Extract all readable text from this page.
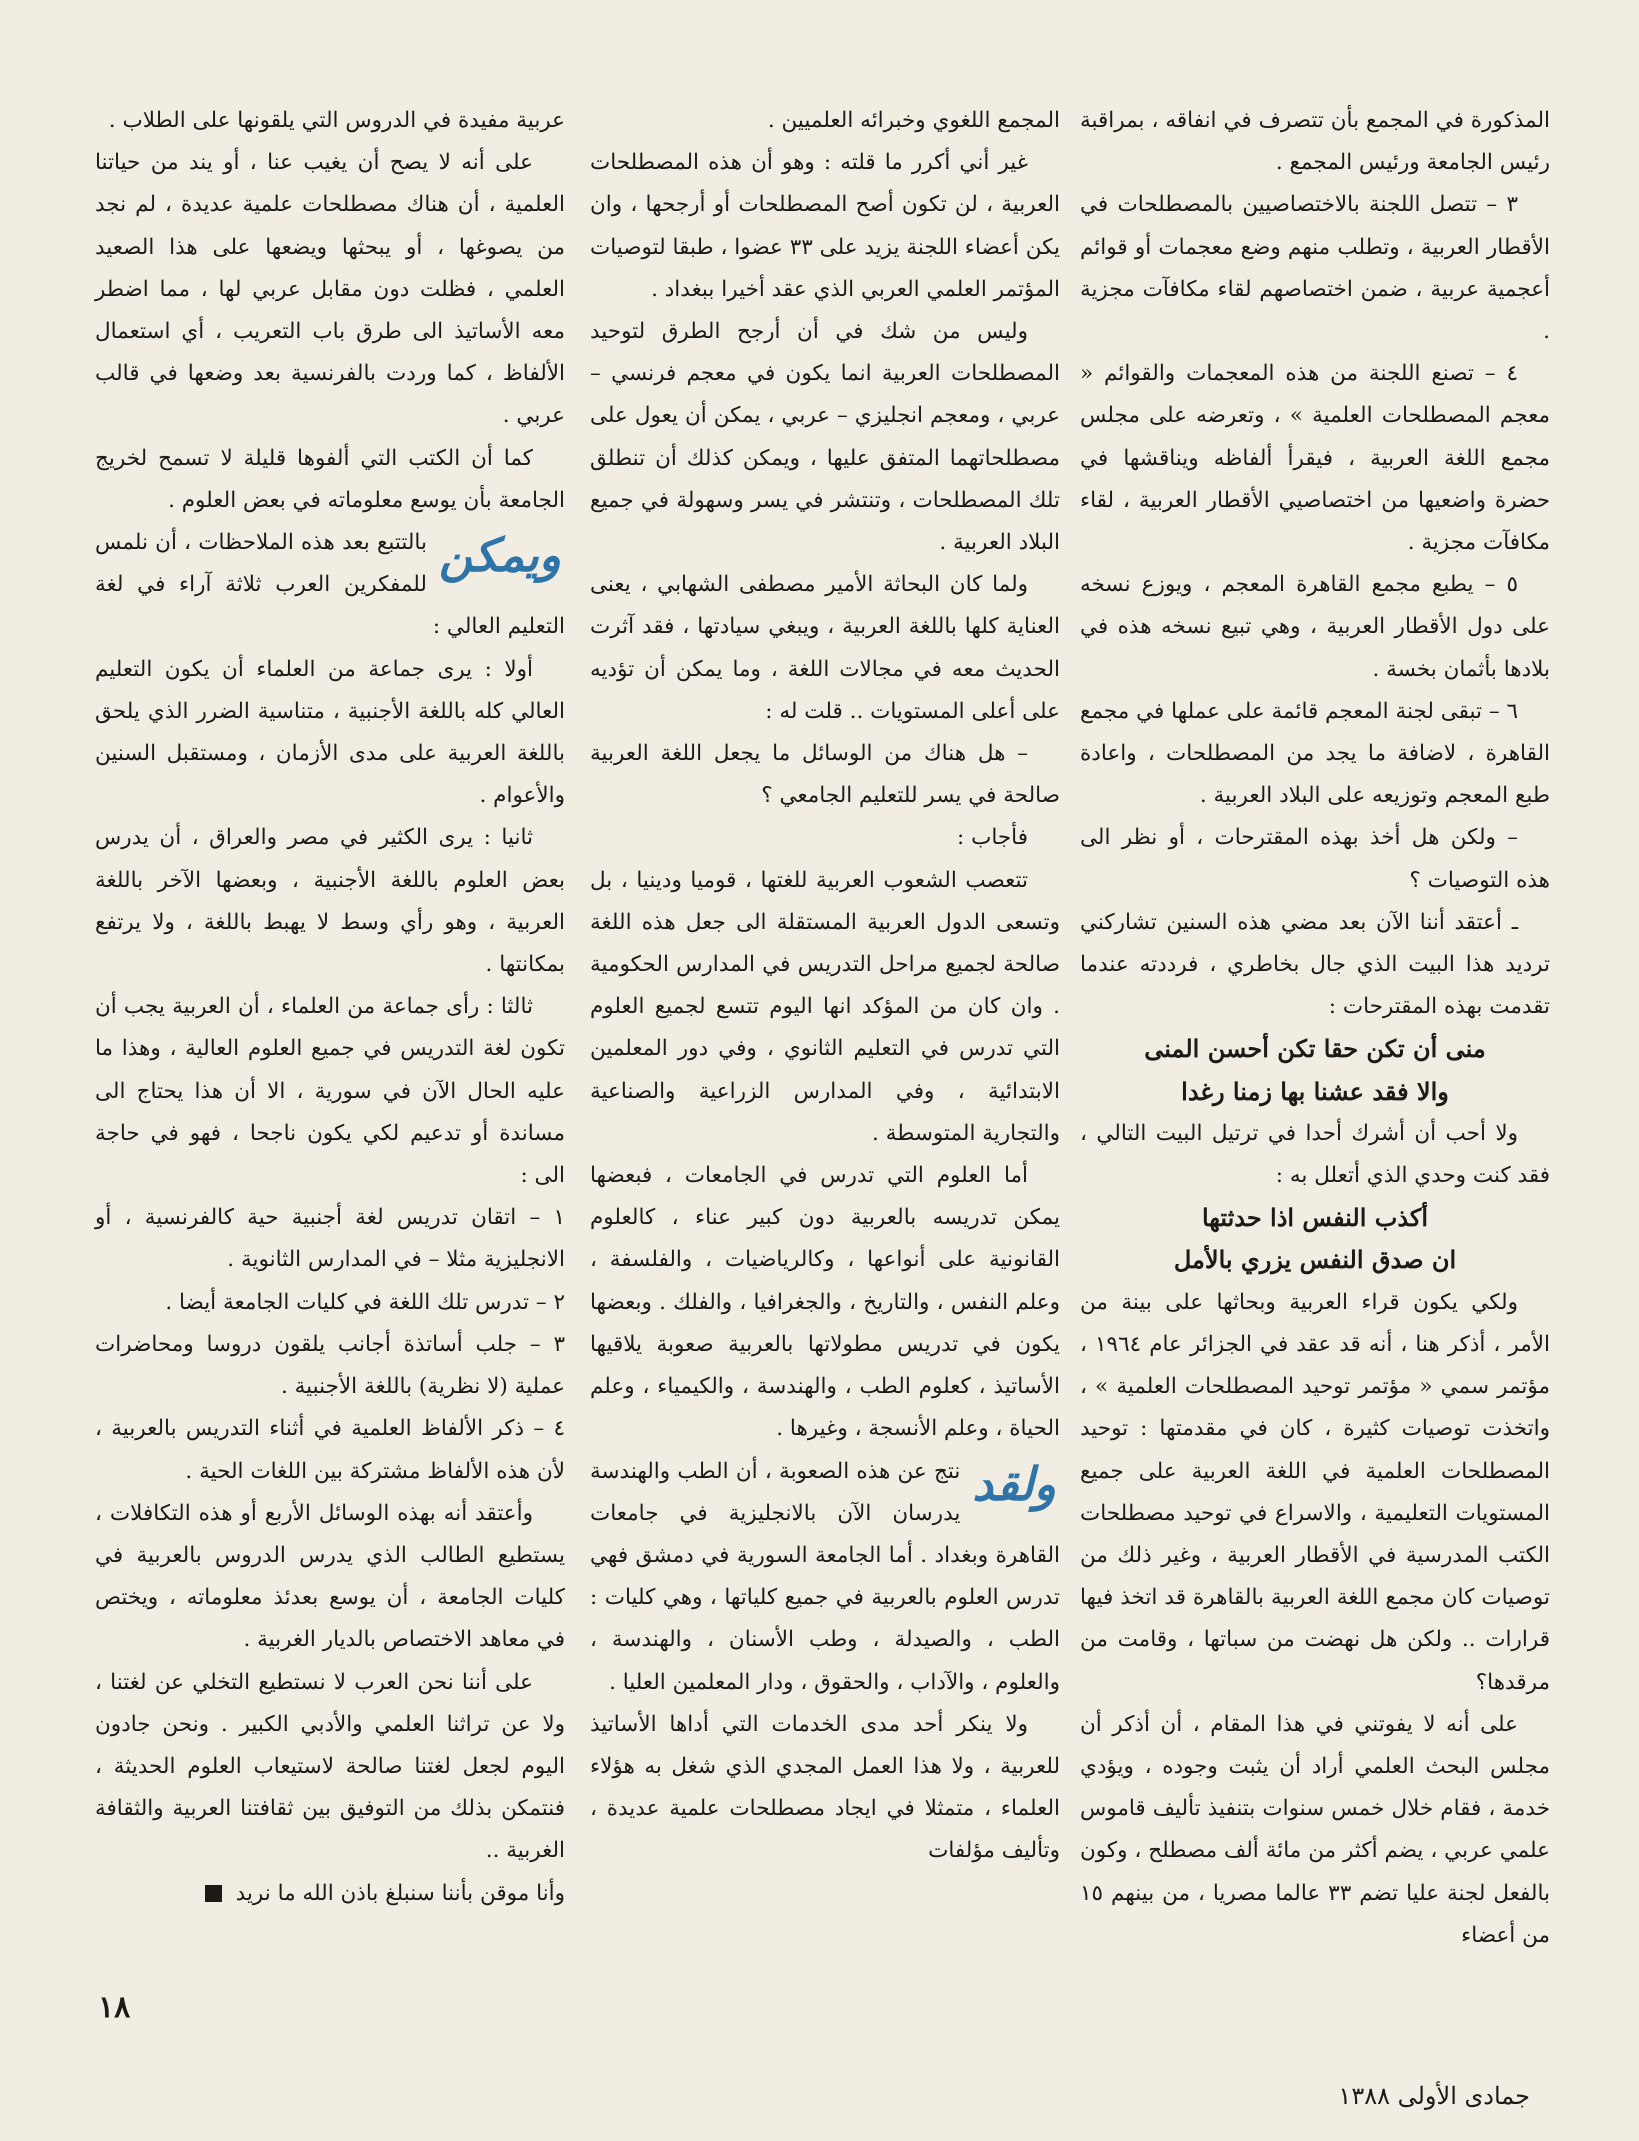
المذكورة في المجمع بأن تتصرف في انفاقه ، بمراقبة رئيس الجامعة ورئيس المجمع .

٣ – تتصل اللجنة بالاختصاصيين بالمصطلحات في الأقطار العربية ، وتطلب منهم وضع معجمات أو قوائم أعجمية عربية ، ضمن اختصاصهم لقاء مكافآت مجزية .

٤ – تصنع اللجنة من هذه المعجمات والقوائم « معجم المصطلحات العلمية » ، وتعرضه على مجلس مجمع اللغة العربية ، فيقرأ ألفاظه ويناقشها في حضرة واضعيها من اختصاصيي الأقطار العربية ، لقاء مكافآت مجزية .

٥ – يطبع مجمع القاهرة المعجم ، ويوزع نسخه على دول الأقطار العربية ، وهي تبيع نسخه هذه في بلادها بأثمان بخسة .

٦ – تبقى لجنة المعجم قائمة على عملها في مجمع القاهرة ، لاضافة ما يجد من المصطلحات ، واعادة طبع المعجم وتوزيعه على البلاد العربية .

– ولكن هل أخذ بهذه المقترحات ، أو نظر الى هذه التوصيات ؟

ـ أعتقد أننا الآن بعد مضي هذه السنين تشاركني ترديد هذا البيت الذي جال بخاطري ، فرددته عندما تقدمت بهذه المقترحات :

منى أن تكن حقا تكن أحسن المنى

والا فقد عشنا بها زمنا رغدا

ولا أحب أن أشرك أحدا في ترتيل البيت التالي ، فقد كنت وحدي الذي أتعلل به :

أكذب النفس اذا حدثتها

ان صدق النفس يزري بالأمل

ولكي يكون قراء العربية وبحاثها على بينة من الأمر ، أذكر هنا ، أنه قد عقد في الجزائر عام ١٩٦٤ ، مؤتمر سمي « مؤتمر توحيد المصطلحات العلمية » ، واتخذت توصيات كثيرة ، كان في مقدمتها : توحيد المصطلحات العلمية في اللغة العربية على جميع المستويات التعليمية ، والاسراع في توحيد مصطلحات الكتب المدرسية في الأقطار العربية ، وغير ذلك من توصيات كان مجمع اللغة العربية بالقاهرة قد اتخذ فيها قرارات .. ولكن هل نهضت من سباتها ، وقامت من مرقدها؟

على أنه لا يفوتني في هذا المقام ، أن أذكر أن مجلس البحث العلمي أراد أن يثبت وجوده ، ويؤدي خدمة ، فقام خلال خمس سنوات بتنفيذ تأليف قاموس علمي عربي ، يضم أكثر من مائة ألف مصطلح ، وكون بالفعل لجنة عليا تضم ٣٣ عالما مصريا ، من بينهم ١٥ من أعضاء

المجمع اللغوي وخبرائه العلميين .

غير أني أكرر ما قلته : وهو أن هذه المصطلحات العربية ، لن تكون أصح المصطلحات أو أرجحها ، وان يكن أعضاء اللجنة يزيد على ٣٣ عضوا ، طبقا لتوصيات المؤتمر العلمي العربي الذي عقد أخيرا ببغداد .

وليس من شك في أن أرجح الطرق لتوحيد المصطلحات العربية انما يكون في معجم فرنسي – عربي ، ومعجم انجليزي – عربي ، يمكن أن يعول على مصطلحاتهما المتفق عليها ، ويمكن كذلك أن تنطلق تلك المصطلحات ، وتنتشر في يسر وسهولة في جميع البلاد العربية .

ولما كان البحاثة الأمير مصطفى الشهابي ، يعنى العناية كلها باللغة العربية ، ويبغي سيادتها ، فقد آثرت الحديث معه في مجالات اللغة ، وما يمكن أن تؤديه على أعلى المستويات .. قلت له :

– هل هناك من الوسائل ما يجعل اللغة العربية صالحة في يسر للتعليم الجامعي ؟

فأجاب :

تتعصب الشعوب العربية للغتها ، قوميا ودينيا ، بل وتسعى الدول العربية المستقلة الى جعل هذه اللغة صالحة لجميع مراحل التدريس في المدارس الحكومية . وان كان من المؤكد انها اليوم تتسع لجميع العلوم التي تدرس في التعليم الثانوي ، وفي دور المعلمين الابتدائية ، وفي المدارس الزراعية والصناعية والتجارية المتوسطة .

أما العلوم التي تدرس في الجامعات ، فبعضها يمكن تدريسه بالعربية دون كبير عناء ، كالعلوم القانونية على أنواعها ، وكالرياضيات ، والفلسفة ، وعلم النفس ، والتاريخ ، والجغرافيا ، والفلك . وبعضها يكون في تدريس مطولاتها بالعربية صعوبة يلاقيها الأساتيذ ، كعلوم الطب ، والهندسة ، والكيمياء ، وعلم الحياة ، وعلم الأنسجة ، وغيرها .

ولقد
نتج عن هذه الصعوبة ، أن الطب والهندسة يدرسان الآن بالانجليزية في جامعات القاهرة وبغداد . أما الجامعة السورية في دمشق فهي تدرس العلوم بالعربية في جميع كلياتها ، وهي كليات : الطب ، والصيدلة ، وطب الأسنان ، والهندسة ، والعلوم ، والآداب ، والحقوق ، ودار المعلمين العليا .

ولا ينكر أحد مدى الخدمات التي أداها الأساتيذ للعربية ، ولا هذا العمل المجدي الذي شغل به هؤلاء العلماء ، متمثلا في ايجاد مصطلحات علمية عديدة ، وتأليف مؤلفات

عربية مفيدة في الدروس التي يلقونها على الطلاب .

على أنه لا يصح أن يغيب عنا ، أو يند من حياتنا العلمية ، أن هناك مصطلحات علمية عديدة ، لم نجد من يصوغها ، أو يبحثها ويضعها على هذا الصعيد العلمي ، فظلت دون مقابل عربي لها ، مما اضطر معه الأساتيذ الى طرق باب التعريب ، أي استعمال الألفاظ ، كما وردت بالفرنسية بعد وضعها في قالب عربي .

كما أن الكتب التي ألفوها قليلة لا تسمح لخريج الجامعة بأن يوسع معلوماته في بعض العلوم .

ويمكن
بالتتبع بعد هذه الملاحظات ، أن نلمس للمفكرين العرب ثلاثة آراء في لغة التعليم العالي :

أولا : يرى جماعة من العلماء أن يكون التعليم العالي كله باللغة الأجنبية ، متناسية الضرر الذي يلحق باللغة العربية على مدى الأزمان ، ومستقبل السنين والأعوام .

ثانيا : يرى الكثير في مصر والعراق ، أن يدرس بعض العلوم باللغة الأجنبية ، وبعضها الآخر باللغة العربية ، وهو رأي وسط لا يهبط باللغة ، ولا يرتفع بمكانتها .

ثالثا : رأى جماعة من العلماء ، أن العربية يجب أن تكون لغة التدريس في جميع العلوم العالية ، وهذا ما عليه الحال الآن في سورية ، الا أن هذا يحتاج الى مساندة أو تدعيم لكي يكون ناجحا ، فهو في حاجة الى :

١ – اتقان تدريس لغة أجنبية حية كالفرنسية ، أو الانجليزية مثلا – في المدارس الثانوية .

٢ – تدرس تلك اللغة في كليات الجامعة أيضا .

٣ – جلب أساتذة أجانب يلقون دروسا ومحاضرات عملية (لا نظرية) باللغة الأجنبية .

٤ – ذكر الألفاظ العلمية في أثناء التدريس بالعربية ، لأن هذه الألفاظ مشتركة بين اللغات الحية .

وأعتقد أنه بهذه الوسائل الأربع أو هذه التكافلات ، يستطيع الطالب الذي يدرس الدروس بالعربية في كليات الجامعة ، أن يوسع بعدئذ معلوماته ، ويختص في معاهد الاختصاص بالديار الغربية .

على أننا نحن العرب لا نستطيع التخلي عن لغتنا ، ولا عن تراثنا العلمي والأدبي الكبير . ونحن جادون اليوم لجعل لغتنا صالحة لاستيعاب العلوم الحديثة ، فنتمكن بذلك من التوفيق بين ثقافتنا العربية والثقافة الغربية ..

وأنا موقن بأننا سنبلغ باذن الله ما نريد

١٨
جمادى الأولى ١٣٨٨
